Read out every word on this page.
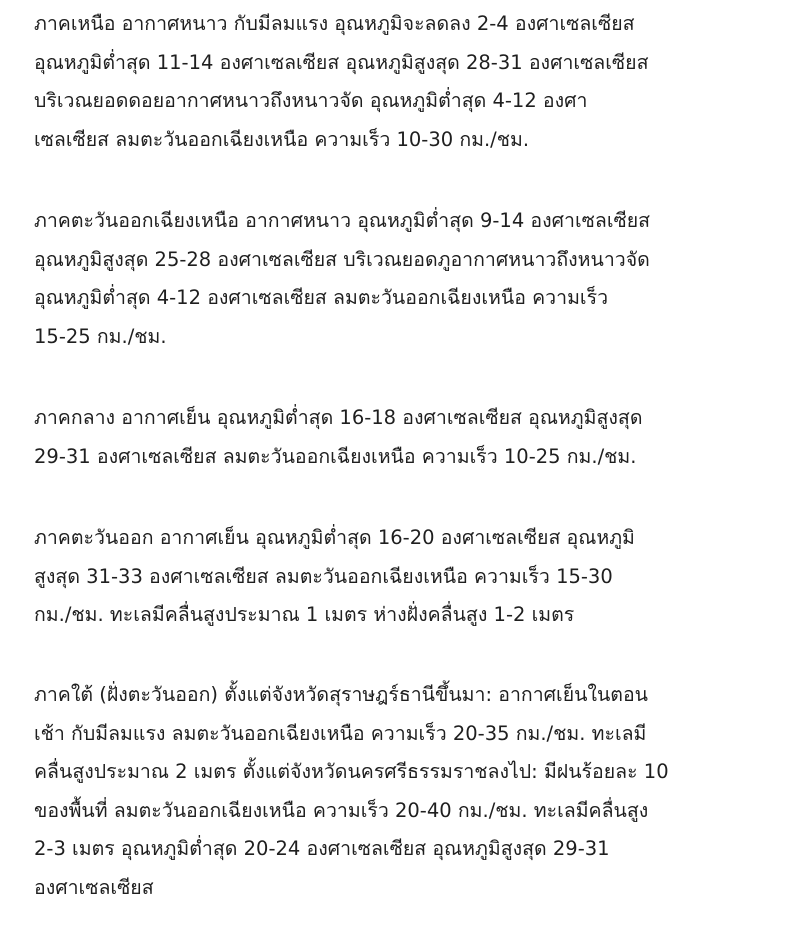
ภาคเหนือ อากาศหนาว กับมีลมแรง อุณหภูมิจะลดลง 2-4 องศาเซลเซียส
อุณหภูมิต่ำสุด 11-14 องศาเซลเซียส อุณหภูมิสูงสุด 28-31 องศาเซลเซียส
บริเวณยอดดอยอากาศหนาวถึงหนาวจัด อุณหภูมิต่ำสุด 4-12 องศา
เซลเซียส ลมตะวันออกเฉียงเหนือ ความเร็ว 10-30 กม./ชม.
ภาคตะวันออกเฉียงเหนือ อากาศหนาว อุณหภูมิต่ำสุด 9-14 องศาเซลเซียส
อุณหภูมิสูงสุด 25-28 องศาเซลเซียส บริเวณยอดภูอากาศหนาวถึงหนาวจัด
อุณหภูมิต่ำสุด 4-12 องศาเซลเซียส ลมตะวันออกเฉียงเหนือ ความเร็ว
15-25 กม./ชม.
ภาคกลาง อากาศเย็น อุณหภูมิต่ำสุด 16-18 องศาเซลเซียส อุณหภูมิสูงสุด
29-31 องศาเซลเซียส ลมตะวันออกเฉียงเหนือ ความเร็ว 10-25 กม./ชม.
ภาคตะวันออก อากาศเย็น อุณหภูมิต่ำสุด 16-20 องศาเซลเซียส อุณหภูมิ
สูงสุด 31-33 องศาเซลเซียส ลมตะวันออกเฉียงเหนือ ความเร็ว 15-30
กม./ชม. ทะเลมีคลื่นสูงประมาณ 1 เมตร ห่างฝั่งคลื่นสูง 1-2 เมตร
ภาคใต้ (ฝั่งตะวันออก) ตั้งแต่จังหวัดสุราษฎร์ธานีขึ้นมา: อากาศเย็นในตอน
เช้า กับมีลมแรง ลมตะวันออกเฉียงเหนือ ความเร็ว 20-35 กม./ชม. ทะเลมี
คลื่นสูงประมาณ 2 เมตร ตั้งแต่จังหวัดนครศรีธรรมราชลงไป: มีฝนร้อยละ 10
ของพื้นที่ ลมตะวันออกเฉียงเหนือ ความเร็ว 20-40 กม./ชม. ทะเลมีคลื่นสูง
2-3 เมตร อุณหภูมิต่ำสุด 20-24 องศาเซลเซียส อุณหภูมิสูงสุด 29-31
องศาเซลเซียส
